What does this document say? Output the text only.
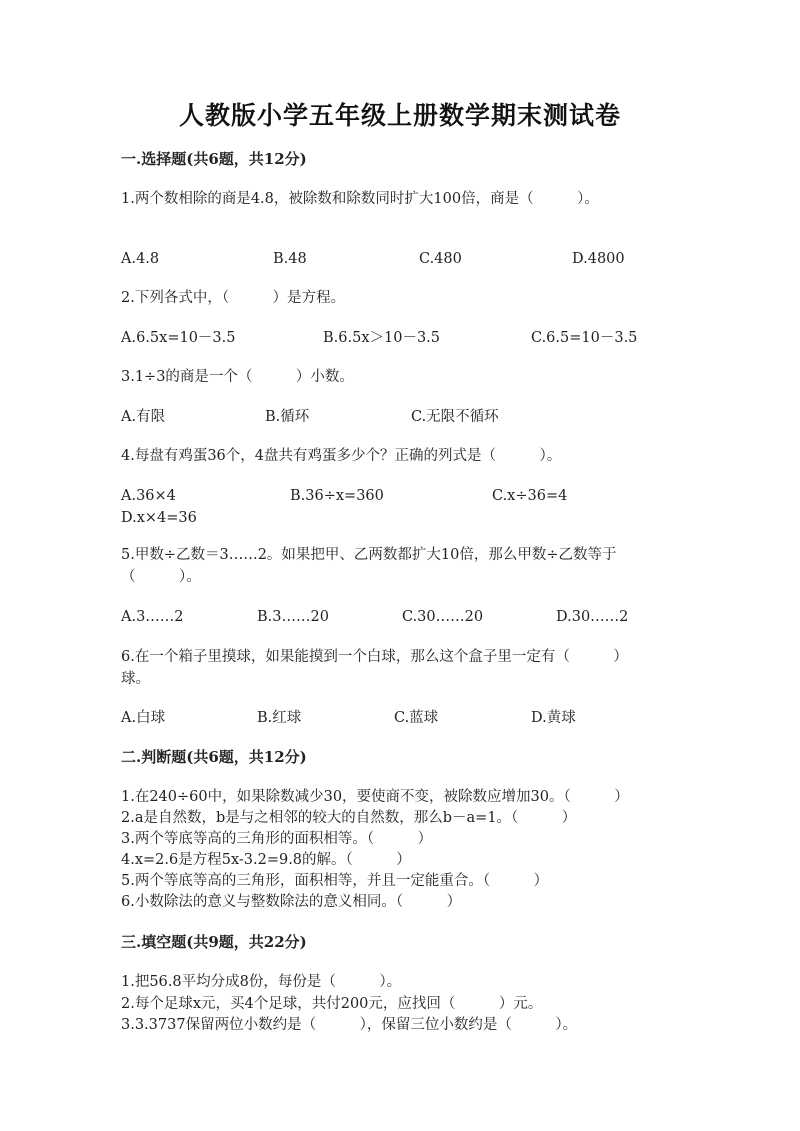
人教版小学五年级上册数学期末测试卷
一.选择题(共6题，共12分)
1.两个数相除的商是4.8，被除数和除数同时扩大100倍，商是（　　　）。
A.4.8	B.48	C.480	D.4800
2.下列各式中，（　　　）是方程。
A.6.5x=10－3.5	B.6.5x＞10－3.5	C.6.5=10－3.5
3.1÷3的商是一个（　　　）小数。
A.有限	B.循环	C.无限不循环
4.每盘有鸡蛋36个，4盘共有鸡蛋多少个？正确的列式是（　　　）。
A.36×4	B.36÷x=360	C.x÷36=4
D.x×4=36
5.甲数÷乙数＝3……2。如果把甲、乙两数都扩大10倍，那么甲数÷乙数等于
（　　　）。
A.3……2	B.3……20	C.30……20	D.30……2
6.在一个箱子里摸球，如果能摸到一个白球，那么这个盒子里一定有（　　　）
球。
A.白球	B.红球	C.蓝球	D.黄球
二.判断题(共6题，共12分)
1.在240÷60中，如果除数减少30，要使商不变，被除数应增加30。（　　　）
2.a是自然数，b是与之相邻的较大的自然数，那么b－a=1。（　　　）
3.两个等底等高的三角形的面积相等。（　　　）
4.x=2.6是方程5x-3.2=9.8的解。（　　　）
5.两个等底等高的三角形，面积相等，并且一定能重合。（　　　）
6.小数除法的意义与整数除法的意义相同。（　　　）
三.填空题(共9题，共22分)
1.把56.8平均分成8份，每份是（　　　）。
2.每个足球x元，买4个足球，共付200元，应找回（　　　）元。
3.3.3737保留两位小数约是（　　　），保留三位小数约是（　　　）。
